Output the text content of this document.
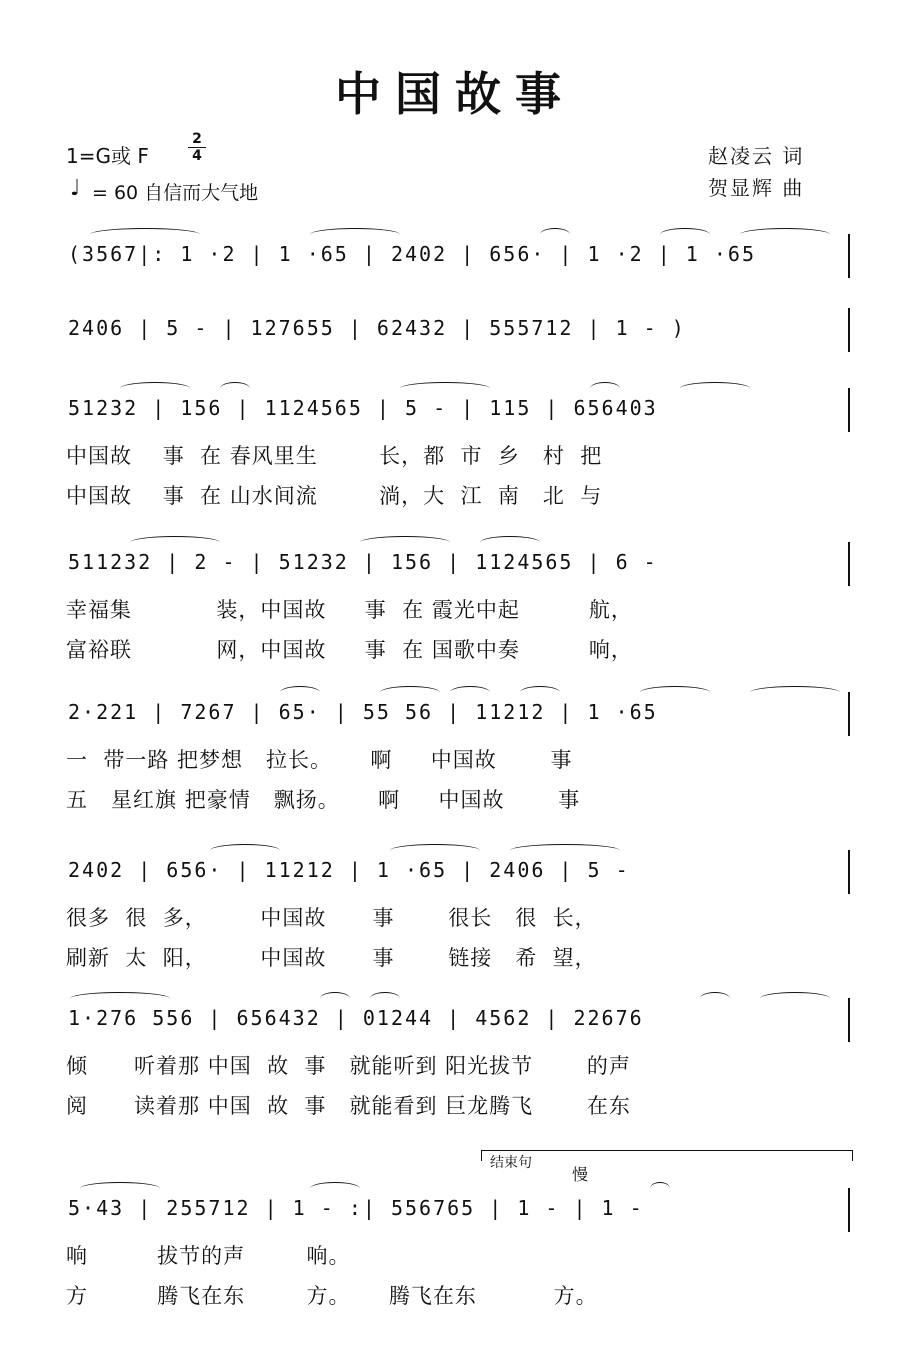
中国故事
1=G或 F
2
4
♩ = 60 自信而大气地
赵凌云 词
贺显辉 曲
(3567|: 1 ·2 | 1 ·65 | 2402 | 656· | 1 ·2 | 1 ·65
2406 | 5 - | 127655 | 62432 | 555712 | 1 - )
51232 | 156 | 1124565 | 5 - | 115 | 656403
中国故    事  在 春风里生        长，都  市  乡   村  把
中国故    事  在 山水间流        淌，大  江  南   北  与
511232 | 2 - | 51232 | 156 | 1124565 | 6 -
幸福集           装，中国故     事  在 霞光中起         航，
富裕联           网，中国故     事  在 国歌中奏         响，
2·221 | 7267 | 65· | 55 56 | 11212 | 1 ·65
一  带一路 把梦想   拉长。     啊     中国故       事
五   星红旗 把豪情   飘扬。     啊     中国故       事
2402 | 656· | 11212 | 1 ·65 | 2406 | 5 -
很多  很  多，       中国故      事       很长   很  长，
刷新  太  阳，       中国故      事       链接   希  望，
1·276 556 | 656432 | 01244 | 4562 | 22676
倾      听着那 中国  故  事   就能听到 阳光拔节       的声
阅      读着那 中国  故  事   就能看到 巨龙腾飞       在东
结束句
慢
5·43 | 255712 | 1 - :| 556765 | 1 - | 1 -
响         拔节的声        响。
方         腾飞在东        方。     腾飞在东          方。
